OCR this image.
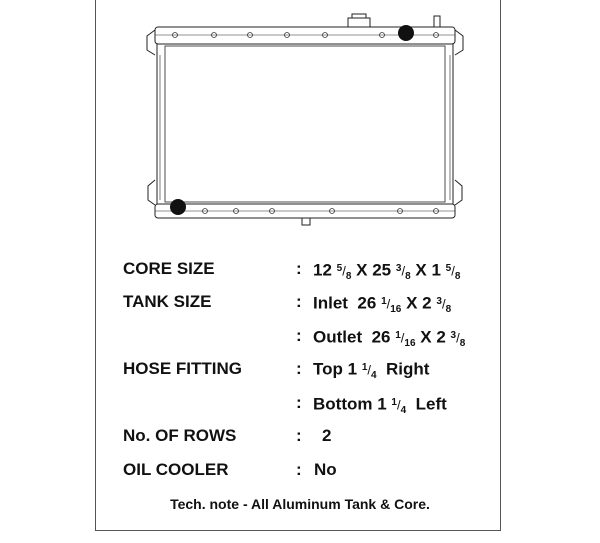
CORE SIZE	: 12 5/8 X 25 3/8 X 1 5/8
TANK SIZE	: Inlet 26 1/16 X 2 3/8
: Outlet 26 1/16 X 2 3/8
HOSE FITTING	: Top 1 1/4 Right
: Bottom 1 1/4 Left
No. OF ROWS	: 2
OIL COOLER	: No
Tech. note - All Aluminum Tank & Core.
